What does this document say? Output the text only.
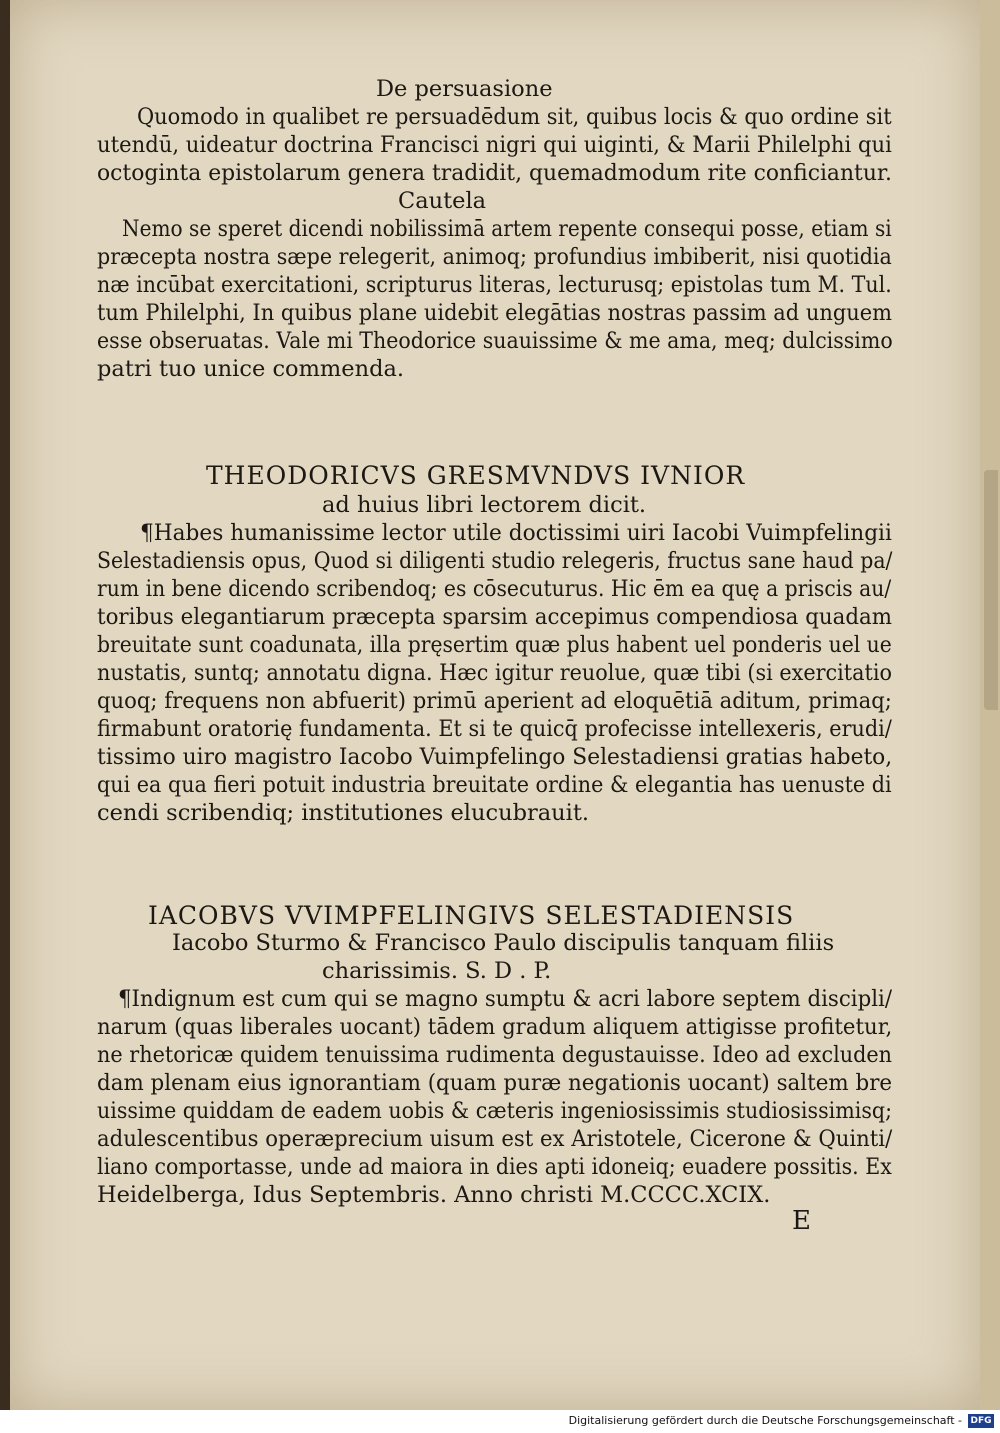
De persuasione
Quomodo in qualibet re persuadēdum sit, quibus locis & quo ordine sit
utendū, uideatur doctrina Francisci nigri qui uiginti, & Marii Philelphi qui
octoginta epistolarum genera tradidit, quemadmodum rite conficiantur.
Cautela
Nemo se speret dicendi nobilissimā artem repente consequi posse, etiam si
præcepta nostra sæpe relegerit, animoq; profundius imbiberit, nisi quotidia
næ incūbat exercitationi, scripturus literas, lecturusq; epistolas tum M. Tul.
tum Philelphi, In quibus plane uidebit elegātias nostras passim ad unguem
esse obseruatas. Vale mi Theodorice suauissime & me ama, meq; dulcissimo
patri tuo unice commenda.
THEODORICVS GRESMVNDVS IVNIOR
ad huius libri lectorem dicit.
¶Habes humanissime lector utile doctissimi uiri Iacobi Vuimpfelingii
Selestadiensis opus, Quod si diligenti studio relegeris, fructus sane haud pa/
rum in bene dicendo scribendoq; es cōsecuturus. Hic ēm ea quę a priscis au/
toribus elegantiarum præcepta sparsim accepimus compendiosa quadam
breuitate sunt coadunata, illa pręsertim quæ plus habent uel ponderis uel ue
nustatis, suntq; annotatu digna. Hæc igitur reuolue, quæ tibi (si exercitatio
quoq; frequens non abfuerit) primū aperient ad eloquētiā aditum, primaq;
firmabunt oratorię fundamenta. Et si te quicq̄ profecisse intellexeris, erudi/
tissimo uiro magistro Iacobo Vuimpfelingo Selestadiensi gratias habeto,
qui ea qua fieri potuit industria breuitate ordine & elegantia has uenuste di
cendi scribendiq; institutiones elucubrauit.
IACOBVS VVIMPFELINGIVS SELESTADIENSIS
Iacobo Sturmo & Francisco Paulo discipulis tanquam filiis
charissimis. S. D . P.
¶Indignum est cum qui se magno sumptu & acri labore septem discipli/
narum (quas liberales uocant) tādem gradum aliquem attigisse profitetur,
ne rhetoricæ quidem tenuissima rudimenta degustauisse. Ideo ad excluden
dam plenam eius ignorantiam (quam puræ negationis uocant) saltem bre
uissime quiddam de eadem uobis & cæteris ingeniosissimis studiosissimisq;
adulescentibus operæprecium uisum est ex Aristotele, Cicerone & Quinti/
liano comportasse, unde ad maiora in dies apti idoneiq; euadere possitis. Ex
Heidelberga, Idus Septembris. Anno christi M.CCCC.XCIX.
E
Digitalisierung gefördert durch die Deutsche Forschungsgemeinschaft - DFG
